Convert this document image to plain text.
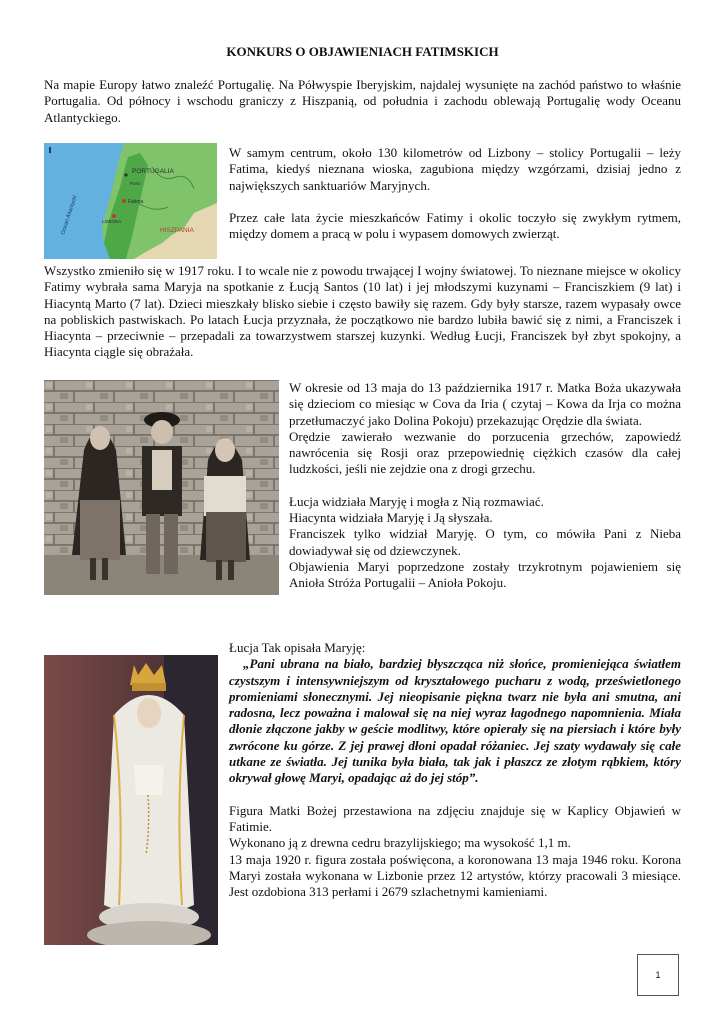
KONKURS O OBJAWIENIACH FATIMSKICH

Na mapie Europy łatwo znaleźć Portugalię. Na Półwyspie Iberyjskim, najdalej wysunięte na zachód państwo to właśnie Portugalia. Od północy i wschodu graniczy z Hiszpanią, od południa i zachodu oblewają Portugalię wody Oceanu Atlantyckiego.

PORTUGALIA
Porto
Fatima
LIZBONA
HISZPANIA
Ocean Atlantycki

W samym centrum, około 130 kilometrów od Lizbony – stolicy Portugalii – leży Fatima, kiedyś nieznana wioska, zagubiona między wzgórzami, dzisiaj jedno z największych sanktuariów Maryjnych.

Przez całe lata życie mieszkańców Fatimy i okolic toczyło się zwykłym rytmem, między domem a pracą w polu i wypasem domowych zwierząt.

Wszystko zmieniło się w 1917 roku. I to wcale nie z powodu trwającej I wojny światowej. To nieznane miejsce w okolicy Fatimy wybrała sama Maryja na spotkanie z Łucją Santos (10 lat) i jej młodszymi kuzynami – Franciszkiem (9 lat) i Hiacyntą Marto (7 lat). Dzieci mieszkały blisko siebie i często bawiły się razem. Gdy były starsze, razem wypasały owce na pobliskich pastwiskach. Po latach Łucja przyznała, że początkowo nie bardzo lubiła bawić się z nimi, a Franciszek i Hiacynta – przeciwnie – przepadali za towarzystwem starszej kuzynki. Według Łucji, Franciszek był zbyt spokojny, a Hiacynta ciągle się obrażała.

W okresie od 13 maja do 13 października 1917 r. Matka Boża ukazywała się dzieciom co miesiąc w Cova da Iria ( czytaj – Kowa da Irja co można przetłumaczyć jako Dolina Pokoju) przekazując Orędzie dla świata.

Orędzie zawierało wezwanie do porzucenia grzechów, zapowiedź nawrócenia się Rosji oraz przepowiednię ciężkich czasów dla całej ludzkości, jeśli nie zejdzie ona z drogi grzechu.

Łucja widziała Maryję i mogła z Nią rozmawiać.

Hiacynta widziała Maryję i Ją słyszała.

Franciszek tylko widział Maryję. O tym, co mówiła Pani z Nieba dowiadywał się od dziewczynek.

Objawienia Maryi poprzedzone zostały trzykrotnym pojawieniem się Anioła Stróża Portugalii – Anioła Pokoju.

Łucja Tak opisała Maryję:

„Pani ubrana na biało, bardziej błyszcząca niż słońce, promieniejąca światłem czystszym i intensywniejszym od kryształowego pucharu z wodą, prześwietlonego promieniami słonecznymi. Jej nieopisanie piękna twarz nie była ani smutna, ani radosna, lecz poważna i malował się na niej wyraz łagodnego napomnienia. Miała dłonie złączone jakby w geście modlitwy, które opierały się na piersiach i które były zwrócone ku górze. Z jej prawej dłoni opadał różaniec. Jej szaty wydawały się całe utkane ze światła. Jej tunika była biała, tak jak i płaszcz ze złotym rąbkiem, który okrywał głowę Maryi, opadając aż do jej stóp”.

Figura Matki Bożej przestawiona na zdjęciu znajduje się w Kaplicy Objawień w Fatimie.

Wykonano ją z drewna cedru brazylijskiego; ma wysokość 1,1 m.

13 maja 1920 r. figura została poświęcona, a koronowana 13 maja 1946 roku. Korona Maryi została wykonana w Lizbonie przez 12 artystów, którzy pracowali 3 miesiące. Jest ozdobiona 313 perłami i 2679 szlachetnymi kamieniami.

1
